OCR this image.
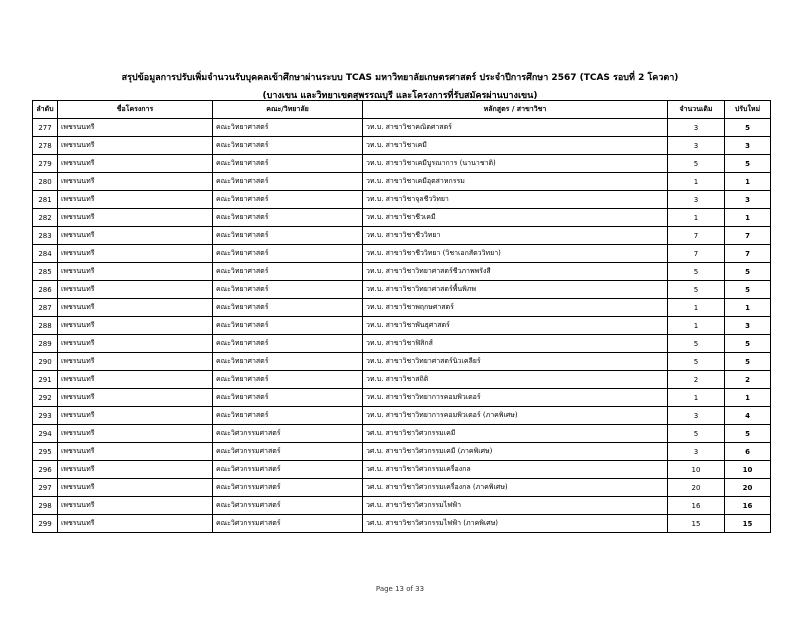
สรุปข้อมูลการปรับเพิ่มจำนวนรับบุคคลเข้าศึกษาผ่านระบบ TCAS มหาวิทยาลัยเกษตรศาสตร์ ประจำปีการศึกษา 2567 (TCAS รอบที่ 2 โควตา)
(บางเขน และวิทยาเขตสุพรรณบุรี และโครงการที่รับสมัครผ่านบางเขน)
ลำดับ	ชื่อโครงการ	คณะ/วิทยาลัย	หลักสูตร / สาขาวิชา	จำนวนเดิม	ปรับใหม่
277	เพชรนนทรี	คณะวิทยาศาสตร์	วท.บ. สาขาวิชาคณิตศาสตร์	3	5
278	เพชรนนทรี	คณะวิทยาศาสตร์	วท.บ. สาขาวิชาเคมี	3	3
279	เพชรนนทรี	คณะวิทยาศาสตร์	วท.บ. สาขาวิชาเคมีบูรณาการ (นานาชาติ)	5	5
280	เพชรนนทรี	คณะวิทยาศาสตร์	วท.บ. สาขาวิชาเคมีอุตสาหกรรม	1	1
281	เพชรนนทรี	คณะวิทยาศาสตร์	วท.บ. สาขาวิชาจุลชีววิทยา	3	3
282	เพชรนนทรี	คณะวิทยาศาสตร์	วท.บ. สาขาวิชาชีวเคมี	1	1
283	เพชรนนทรี	คณะวิทยาศาสตร์	วท.บ. สาขาวิชาชีววิทยา	7	7
284	เพชรนนทรี	คณะวิทยาศาสตร์	วท.บ. สาขาวิชาชีววิทยา (วิชาเอกสัตววิทยา)	7	7
285	เพชรนนทรี	คณะวิทยาศาสตร์	วท.บ. สาขาวิชาวิทยาศาสตร์ชีวภาพพรังสี	5	5
286	เพชรนนทรี	คณะวิทยาศาสตร์	วท.บ. สาขาวิชาวิทยาศาสตร์พื้นพิภพ	5	5
287	เพชรนนทรี	คณะวิทยาศาสตร์	วท.บ. สาขาวิชาพฤกษศาสตร์	1	1
288	เพชรนนทรี	คณะวิทยาศาสตร์	วท.บ. สาขาวิชาพันธุศาสตร์	1	3
289	เพชรนนทรี	คณะวิทยาศาสตร์	วท.บ. สาขาวิชาฟิสิกส์	5	5
290	เพชรนนทรี	คณะวิทยาศาสตร์	วท.บ. สาขาวิชาวิทยาศาสตร์นิวเคลียร์	5	5
291	เพชรนนทรี	คณะวิทยาศาสตร์	วท.บ. สาขาวิชาสถิติ	2	2
292	เพชรนนทรี	คณะวิทยาศาสตร์	วท.บ. สาขาวิชาวิทยาการคอมพิวเตอร์	1	1
293	เพชรนนทรี	คณะวิทยาศาสตร์	วท.บ. สาขาวิชาวิทยาการคอมพิวเตอร์ (ภาคพิเศษ)	3	4
294	เพชรนนทรี	คณะวิศวกรรมศาสตร์	วศ.บ. สาขาวิชาวิศวกรรมเคมี	5	5
295	เพชรนนทรี	คณะวิศวกรรมศาสตร์	วศ.บ. สาขาวิชาวิศวกรรมเคมี (ภาคพิเศษ)	3	6
296	เพชรนนทรี	คณะวิศวกรรมศาสตร์	วศ.บ. สาขาวิชาวิศวกรรมเครื่องกล	10	10
297	เพชรนนทรี	คณะวิศวกรรมศาสตร์	วศ.บ. สาขาวิชาวิศวกรรมเครื่องกล (ภาคพิเศษ)	20	20
298	เพชรนนทรี	คณะวิศวกรรมศาสตร์	วศ.บ. สาขาวิชาวิศวกรรมไฟฟ้า	16	16
299	เพชรนนทรี	คณะวิศวกรรมศาสตร์	วศ.บ. สาขาวิชาวิศวกรรมไฟฟ้า (ภาคพิเศษ)	15	15
Page 13 of 33
